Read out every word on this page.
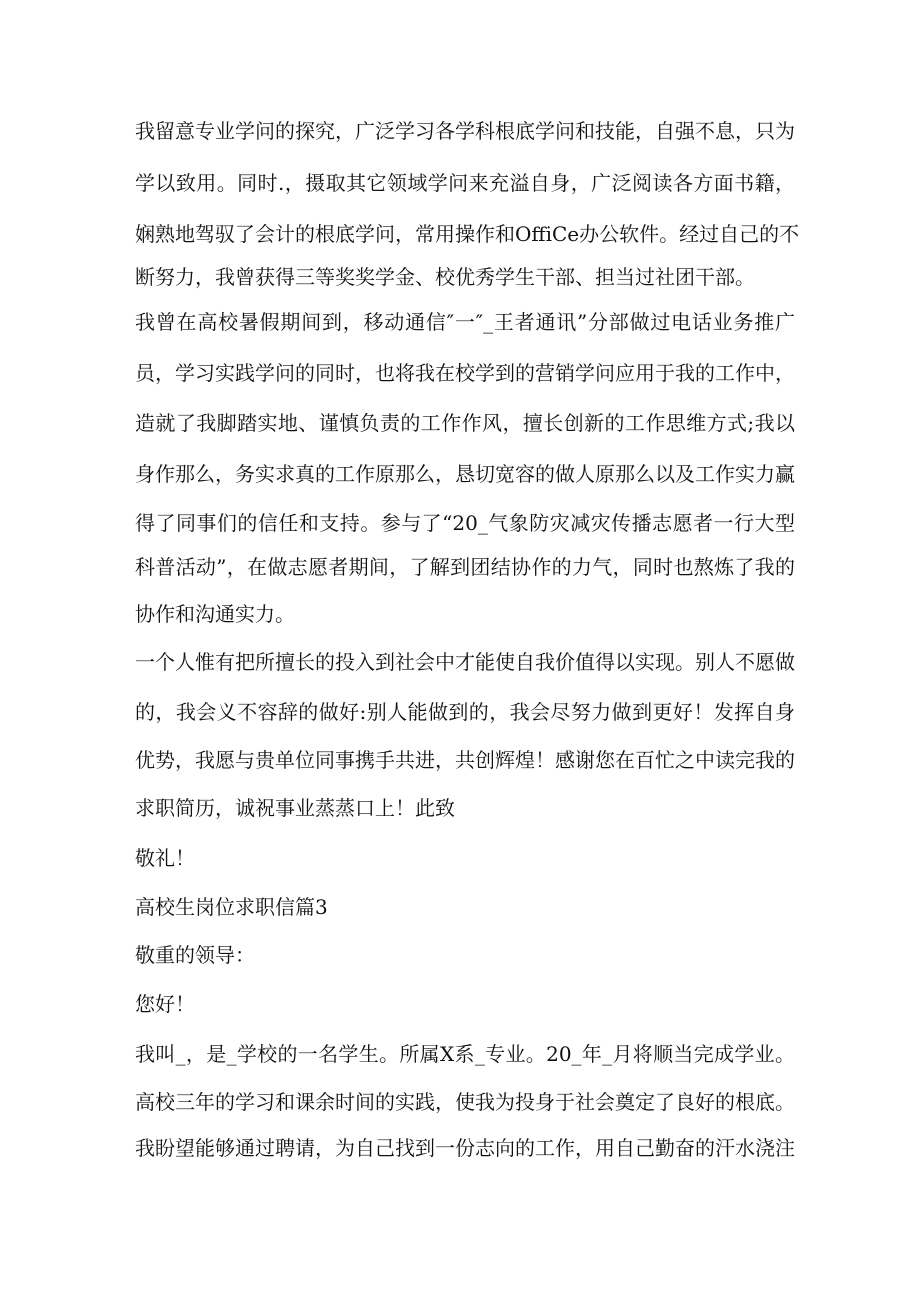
我留意专业学问的探究，广泛学习各学科根底学问和技能，自强不息，只为
学以致用。同时.，摄取其它领域学问来充溢自身，广泛阅读各方面书籍，
娴熟地驾驭了会计的根底学问，常用操作和OffiCe办公软件。经过自己的不
断努力，我曾获得三等奖奖学金、校优秀学生干部、担当过社团干部。
我曾在高校暑假期间到，移动通信″一″_王者通讯”分部做过电话业务推广
员，学习实践学问的同时，也将我在校学到的营销学问应用于我的工作中，
造就了我脚踏实地、谨慎负责的工作作风，擅长创新的工作思维方式;我以
身作那么，务实求真的工作原那么，恳切宽容的做人原那么以及工作实力赢
得了同事们的信任和支持。参与了“20_气象防灾减灾传播志愿者一行大型
科普活动”，在做志愿者期间，了解到团结协作的力气，同时也熬炼了我的
协作和沟通实力。
一个人惟有把所擅长的投入到社会中才能使自我价值得以实现。别人不愿做
的，我会义不容辞的做好:别人能做到的，我会尽努力做到更好！发挥自身
优势，我愿与贵单位同事携手共进，共创辉煌！感谢您在百忙之中读完我的
求职简历，诚祝事业蒸蒸口上！此致
敬礼！
高校生岗位求职信篇3
敬重的领导：
您好！
我叫_，是_学校的一名学生。所属X系_专业。20_年_月将顺当完成学业。
高校三年的学习和课余时间的实践，使我为投身于社会奠定了良好的根底。
我盼望能够通过聘请，为自己找到一份志向的工作，用自己勤奋的汗水浇注
